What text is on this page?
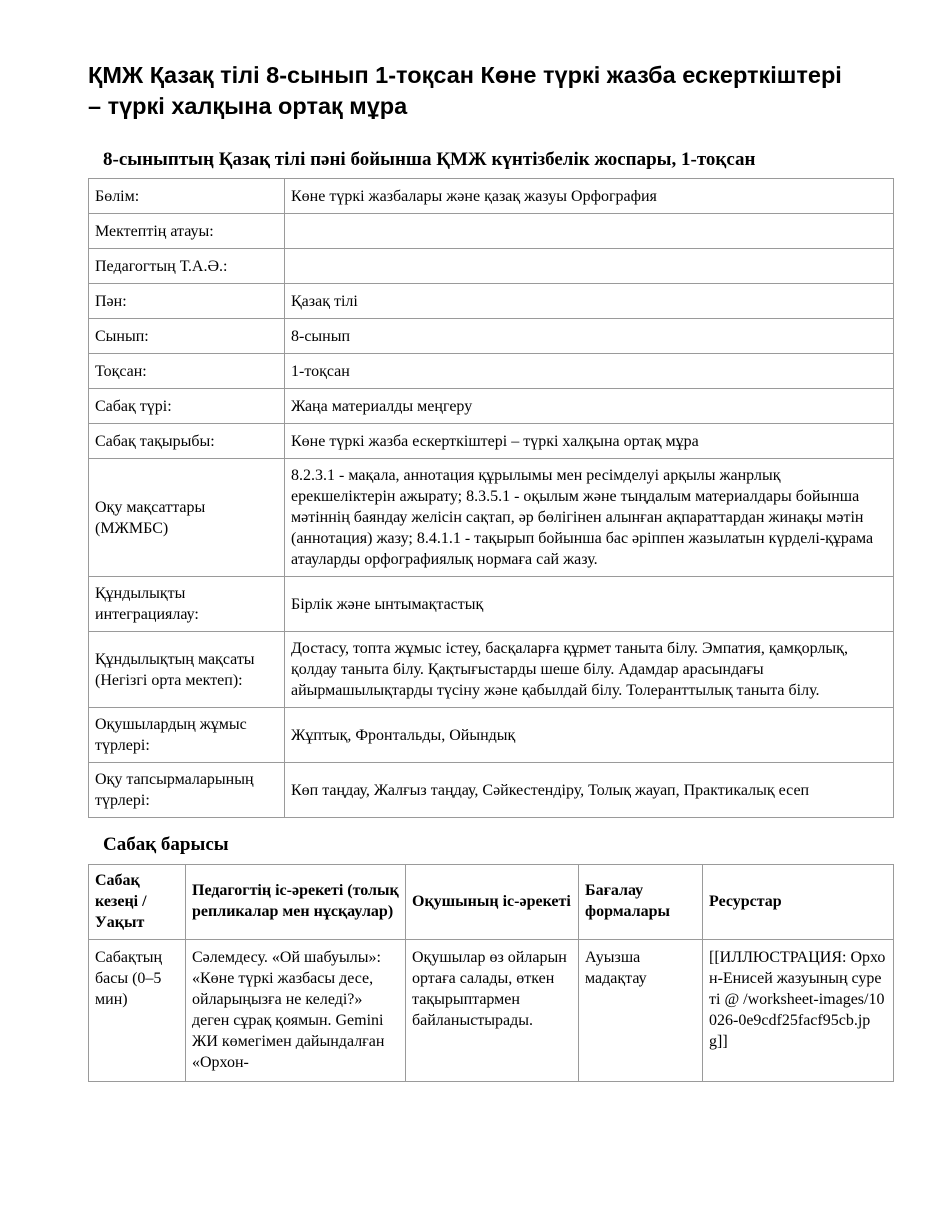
ҚМЖ Қазақ тілі 8-сынып 1-тоқсан Көне түркі жазба ескерткіштері – түркі халқына ортақ мұра
8-сыныптың Қазақ тілі пәні бойынша ҚМЖ күнтізбелік жоспары, 1-тоқсан
Бөлім:	Көне түркі жазбалары және қазақ жазуы Орфография
Мектептің атауы:	
Педагогтың Т.А.Ә.:	
Пән:	Қазақ тілі
Сынып:	8-сынып
Тоқсан:	1-тоқсан
Сабақ түрі:	Жаңа материалды меңгеру
Сабақ тақырыбы:	Көне түркі жазба ескерткіштері – түркі халқына ортақ мұра
Оқу мақсаттары (МЖМБС)	8.2.3.1 - мақала, аннотация құрылымы мен ресімделуі арқылы жанрлық ерекшеліктерін ажырату; 8.3.5.1 - оқылым және тыңдалым материалдары бойынша мәтіннің баяндау желісін сақтап, әр бөлігінен алынған ақпараттардан жинақы мәтін (аннотация) жазу; 8.4.1.1 - тақырып бойынша бас әріппен жазылатын күрделі-құрама атауларды орфографиялық нормаға сай жазу.
Құндылықты интеграциялау:	Бірлік және ынтымақтастық
Құндылықтың мақсаты (Негізгі орта мектеп):	Достасу, топта жұмыс істеу, басқаларға құрмет таныта білу. Эмпатия, қамқорлық, қолдау таныта білу. Қақтығыстарды шеше білу. Адамдар арасындағы айырмашылықтарды түсіну және қабылдай білу. Толеранттылық таныта білу.
Оқушылардың жұмыс түрлері:	Жұптық, Фронтальды, Ойындық
Оқу тапсырмаларының түрлері:	Көп таңдау, Жалғыз таңдау, Сәйкестендіру, Толық жауап, Практикалық есеп
Сабақ барысы
Сабақ кезеңі / Уақыт	Педагогтің іс-әрекеті (толық репликалар мен нұсқаулар)	Оқушының іс-әрекеті	Бағалау формалары	Ресурстар
Сабақтың басы (0–5 мин)	Сәлемдесу. «Ой шабуылы»: «Көне түркі жазбасы десе, ойларыңызға не келеді?» деген сұрақ қоямын. Gemini ЖИ көмегімен дайындалған «Орхон-	Оқушылар өз ойларын ортаға салады, өткен тақырыптармен байланыстырады.	Ауызша мадақтау	[[ИЛЛЮСТРАЦИЯ: Орхон-Енисей жазуының суреті @ /worksheet-images/10026-0e9cdf25facf95cb.jpg]]
